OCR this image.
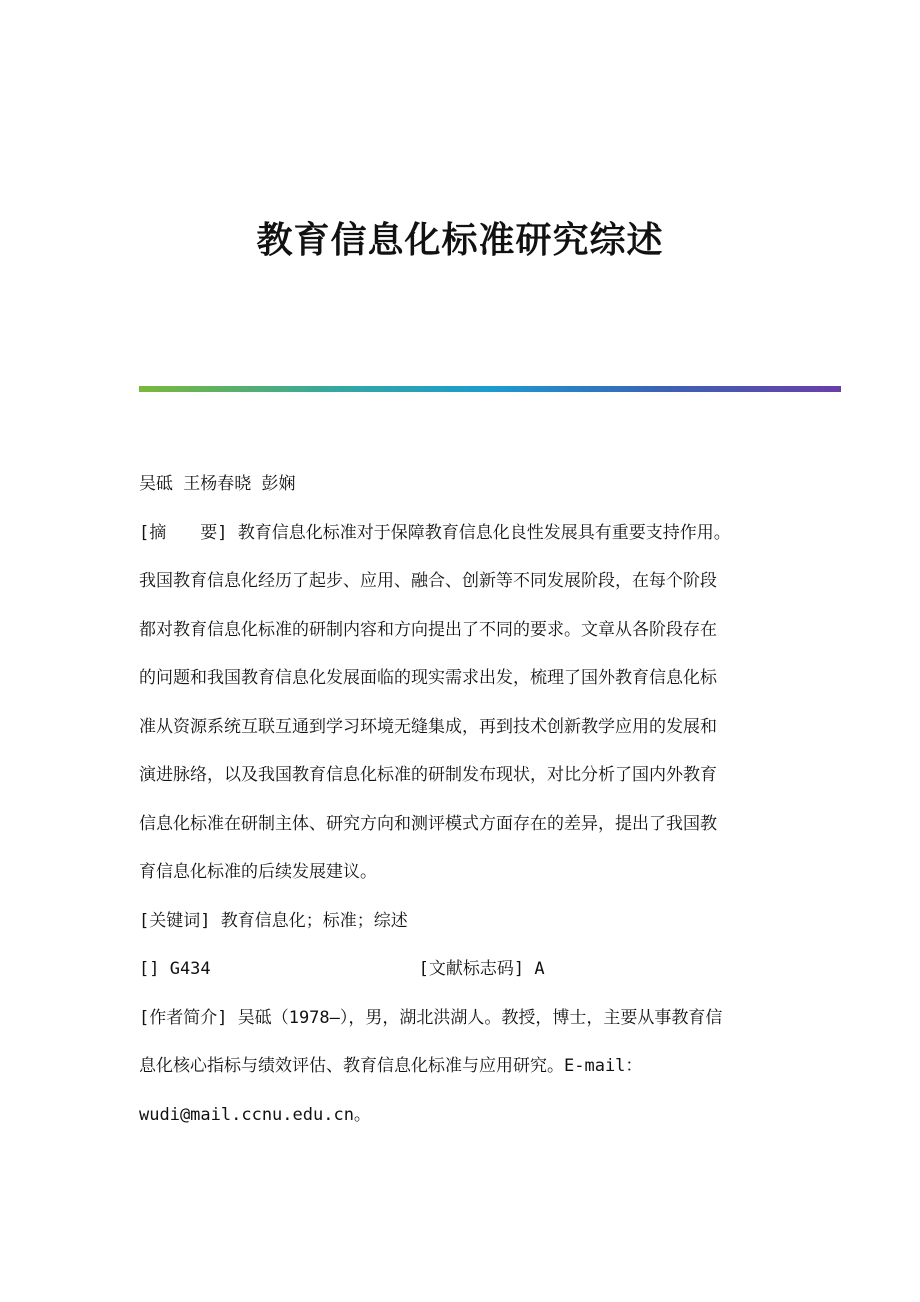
教育信息化标准研究综述
吴砥 王杨春晓 彭娴
[摘　　要] 教育信息化标准对于保障教育信息化良性发展具有重要支持作用。
我国教育信息化经历了起步、应用、融合、创新等不同发展阶段，在每个阶段
都对教育信息化标准的研制内容和方向提出了不同的要求。文章从各阶段存在
的问题和我国教育信息化发展面临的现实需求出发，梳理了国外教育信息化标
准从资源系统互联互通到学习环境无缝集成，再到技术创新教学应用的发展和
演进脉络，以及我国教育信息化标准的研制发布现状，对比分析了国内外教育
信息化标准在研制主体、研究方向和测评模式方面存在的差异，提出了我国教
育信息化标准的后续发展建议。
[关键词] 教育信息化；标准；综述
[] G434	[文献标志码] A
[作者简介] 吴砥（1978—），男，湖北洪湖人。教授，博士，主要从事教育信
息化核心指标与绩效评估、教育信息化标准与应用研究。E-mail：
wudi@mail.ccnu.edu.cn。
